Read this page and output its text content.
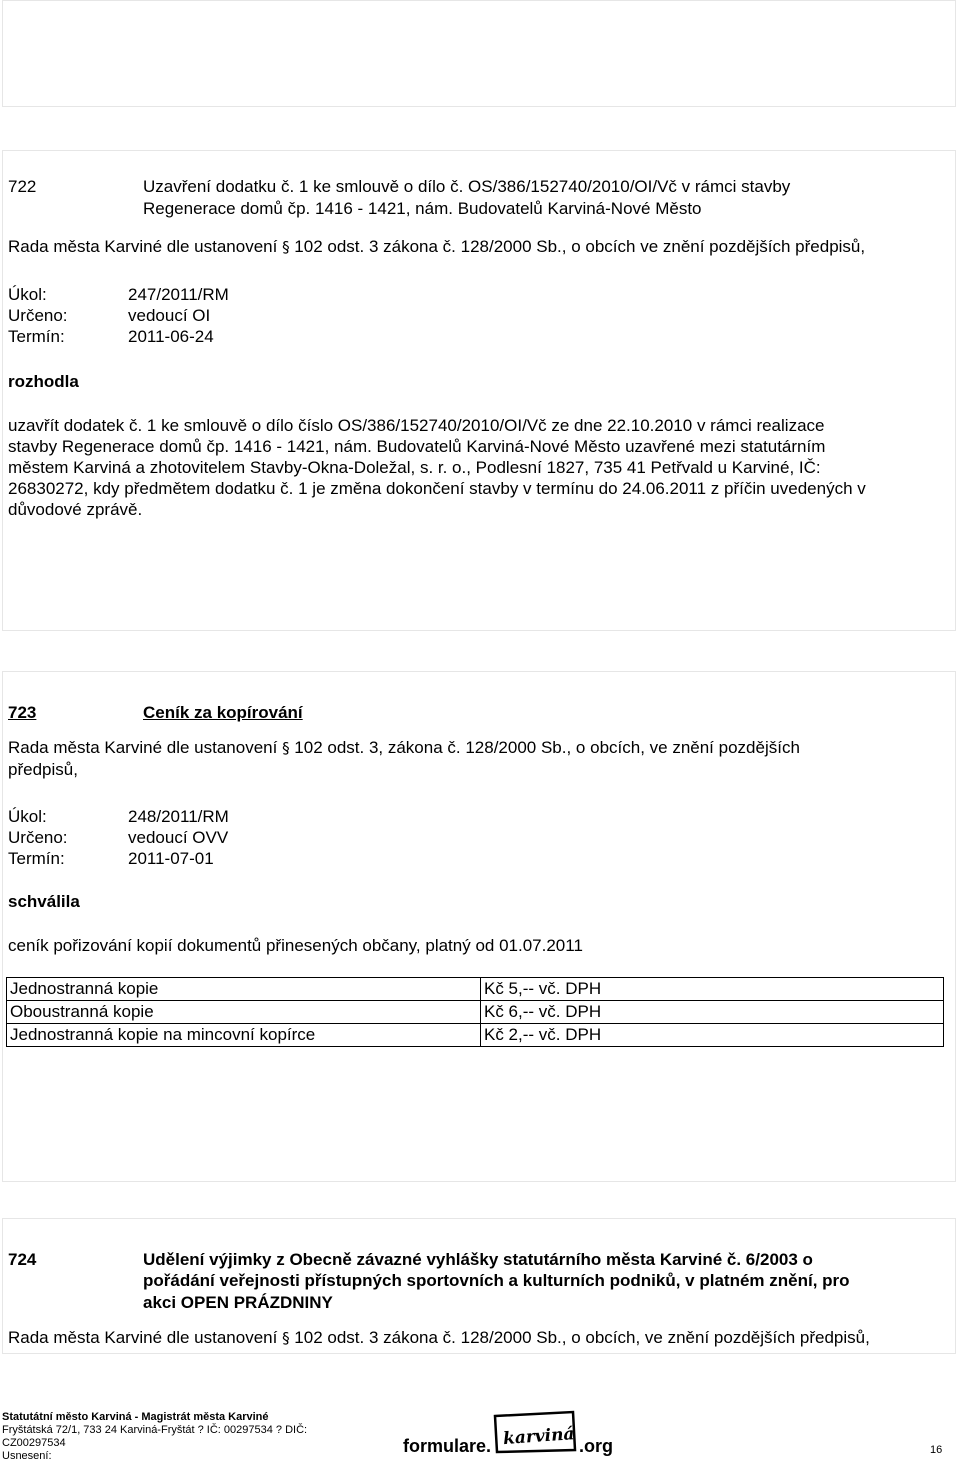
722	Uzavření dodatku č. 1 ke smlouvě o dílo č. OS/386/152740/2010/OI/Vč v rámci stavby
Regenerace domů čp. 1416 - 1421, nám. Budovatelů Karviná-Nové Město
Rada města Karviné dle ustanovení § 102 odst. 3 zákona č. 128/2000 Sb., o obcích ve znění pozdějších předpisů,
Úkol:	247/2011/RM
Určeno:	vedoucí OI
Termín:	2011-06-24
rozhodla
uzavřít dodatek č. 1 ke smlouvě o dílo číslo OS/386/152740/2010/OI/Vč ze dne 22.10.2010 v rámci realizace
stavby Regenerace domů čp. 1416 - 1421, nám. Budovatelů Karviná-Nové Město uzavřené mezi statutárním
městem Karviná a zhotovitelem Stavby-Okna-Doležal, s. r. o., Podlesní 1827, 735 41 Petřvald u Karviné, IČ:
26830272, kdy předmětem dodatku č. 1 je změna dokončení stavby v termínu do 24.06.2011 z příčin uvedených v
důvodové zprávě.
723	Ceník za kopírování
Rada města Karviné dle ustanovení § 102 odst. 3, zákona č. 128/2000 Sb., o obcích, ve znění pozdějších
předpisů,
Úkol:	248/2011/RM
Určeno:	vedoucí OVV
Termín:	2011-07-01
schválila
ceník pořizování kopií dokumentů přinesených občany, platný od 01.07.2011
Jednostranná kopie	Kč 5,-- vč. DPH
Oboustranná kopie	Kč 6,-- vč. DPH
Jednostranná kopie na mincovní kopírce	Kč 2,-- vč. DPH
724	Udělení výjimky z Obecně závazné vyhlášky statutárního města Karviné č. 6/2003 o
pořádání veřejnosti přístupných sportovních a kulturních podniků, v platném znění, pro
akci OPEN PRÁZDNINY
Rada města Karviné dle ustanovení § 102 odst. 3 zákona č. 128/2000 Sb., o obcích, ve znění pozdějších předpisů,
Statutátní město Karviná - Magistrát města Karviné
Fryštátská 72/1, 733 24 Karviná-Fryštát ? IČ: 00297534 ? DIČ:
CZ00297534
Usnesení:	formulare. karviná .org	16
